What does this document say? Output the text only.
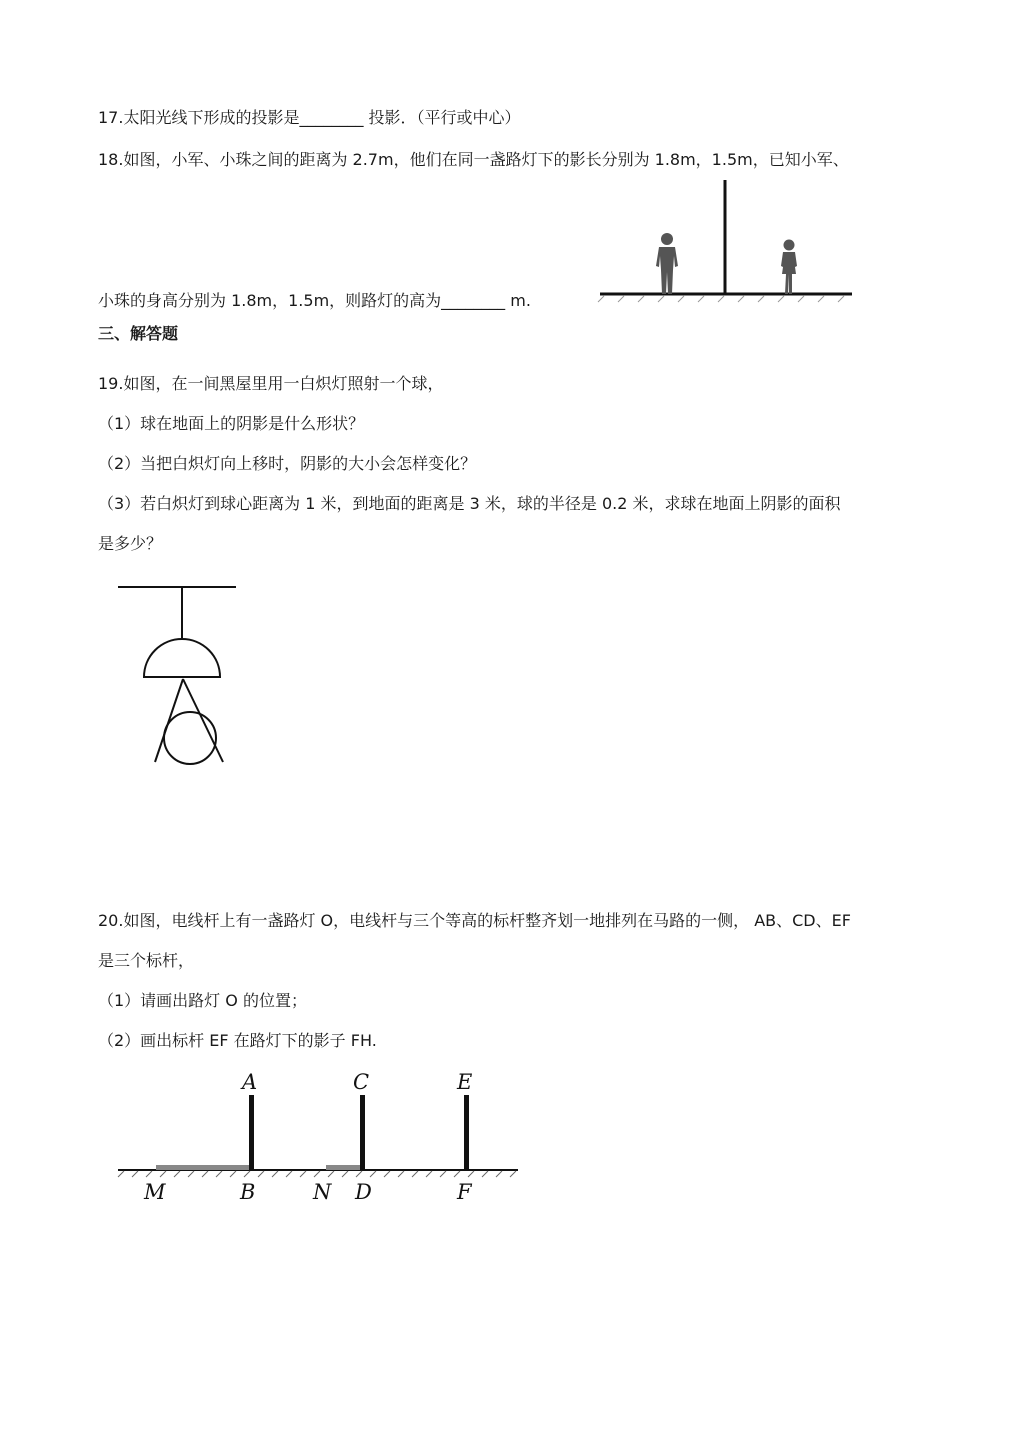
17.太阳光线下形成的投影是________ 投影．（平行或中心）
18.如图，小军、小珠之间的距离为 2.7m，他们在同一盏路灯下的影长分别为 1.8m，1.5m，已知小军、
小珠的身高分别为 1.8m，1.5m，则路灯的高为________ m.
三、解答题
19.如图，在一间黑屋里用一白炽灯照射一个球，
（1）球在地面上的阴影是什么形状？
（2）当把白炽灯向上移时，阴影的大小会怎样变化？
（3）若白炽灯到球心距离为 1 米，到地面的距离是 3 米，球的半径是 0.2 米，求球在地面上阴影的面积
是多少？
20.如图，电线杆上有一盏路灯 O，电线杆与三个等高的标杆整齐划一地排列在马路的一侧， AB、CD、EF
是三个标杆，
（1）请画出路灯 O 的位置；
（2）画出标杆 EF 在路灯下的影子 FH.
A	C	E
M	B	N D	F
